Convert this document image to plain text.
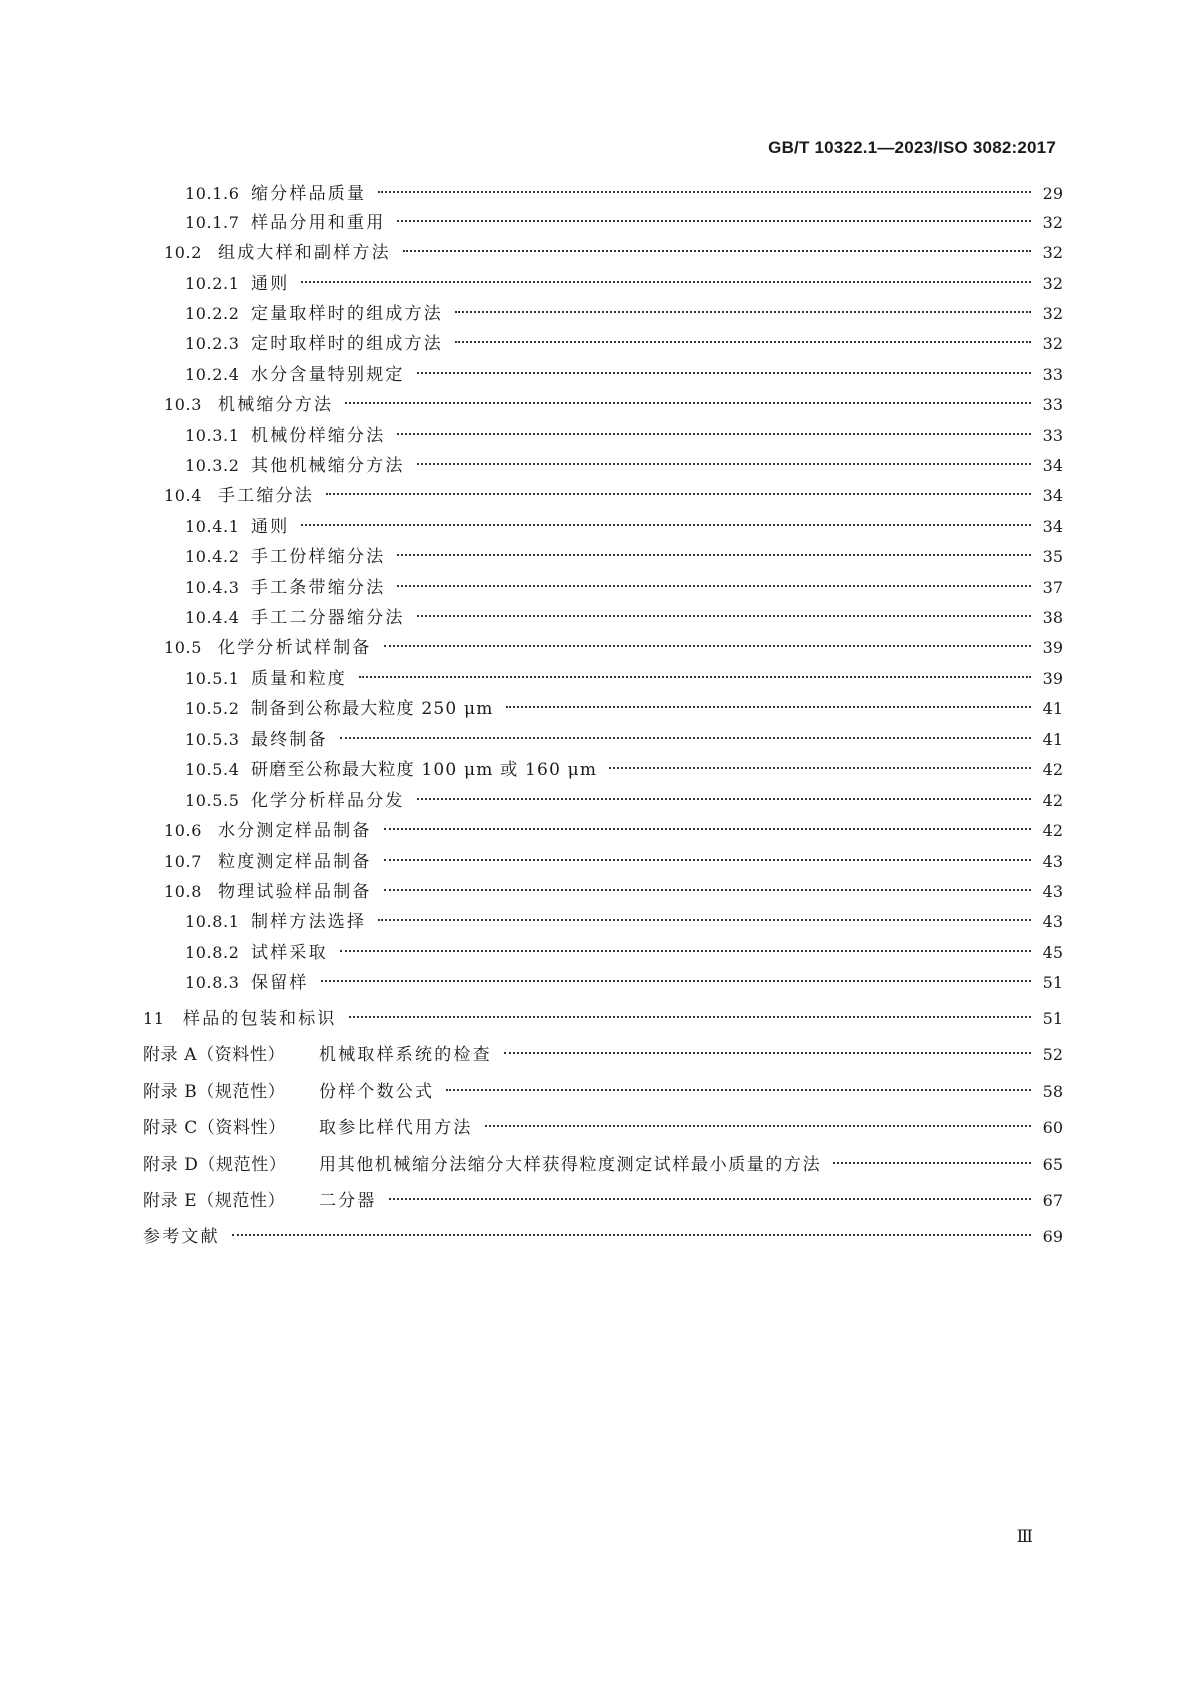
GB/T 10322.1—2023/ISO 3082:2017
10.1.6 缩分样品质量	29
10.1.7 样品分用和重用	32
10.2 组成大样和副样方法	32
10.2.1 通则	32
10.2.2 定量取样时的组成方法	32
10.2.3 定时取样时的组成方法	32
10.2.4 水分含量特别规定	33
10.3 机械缩分方法	33
10.3.1 机械份样缩分法	33
10.3.2 其他机械缩分方法	34
10.4 手工缩分法	34
10.4.1 通则	34
10.4.2 手工份样缩分法	35
10.4.3 手工条带缩分法	37
10.4.4 手工二分器缩分法	38
10.5 化学分析试样制备	39
10.5.1 质量和粒度	39
10.5.2 制备到公称最大粒度 250 μm	41
10.5.3 最终制备	41
10.5.4 研磨至公称最大粒度 100 μm 或 160 μm	42
10.5.5 化学分析样品分发	42
10.6 水分测定样品制备	42
10.7 粒度测定样品制备	43
10.8 物理试验样品制备	43
10.8.1 制样方法选择	43
10.8.2 试样采取	45
10.8.3 保留样	51
11	样品的包装和标识	51
附录 A（资料性）	机械取样系统的检查	52
附录 B（规范性）	份样个数公式	58
附录 C（资料性）	取参比样代用方法	60
附录 D（规范性）	用其他机械缩分法缩分大样获得粒度测定试样最小质量的方法	65
附录 E（规范性）	二分器	67
参考文献	69
Ⅲ
